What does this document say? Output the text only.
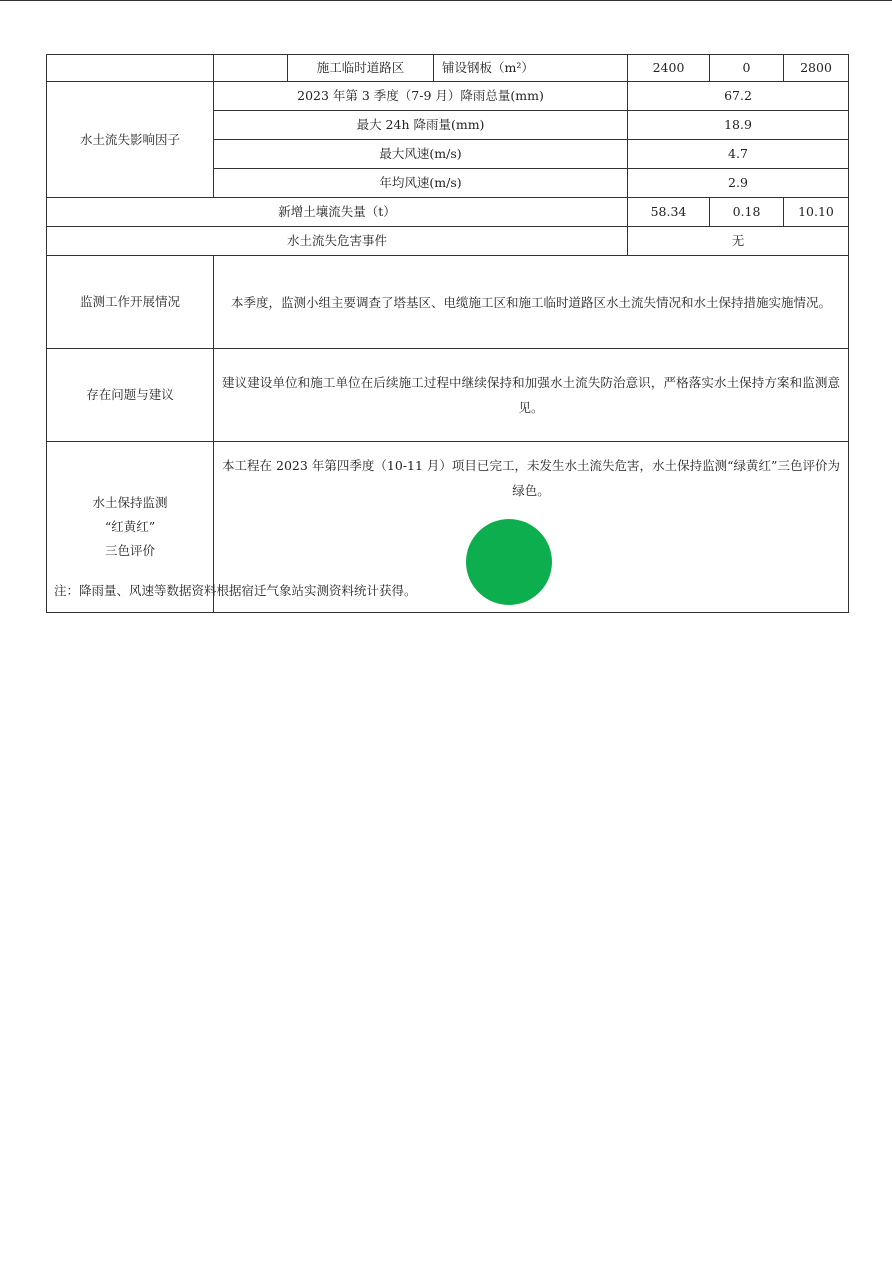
		施工临时道路区	铺设钢板（m²）	2400	0	2800
水土流失影响因子	2023 年第 3 季度（7-9 月）降雨总量(mm)			67.2		
	最大 24h 降雨量(mm)			18.9		
	最大风速(m/s)			4.7		
	年均风速(m/s)			2.9		
新增土壤流失量（t）				58.34	0.18	10.10
水土流失危害事件				无		
监测工作开展情况	本季度，监测小组主要调查了塔基区、电缆施工区和施工临时道路区水土流失情况和水土保持措施实施情况。					
存在问题与建议	建议建设单位和施工单位在后续施工过程中继续保持和加强水土流失防治意识，严格落实水土保持方案和监测意见。					

水土保持监测
“红黄红”
三色评价	本工程在 2023 年第四季度（10-11 月）项目已完工，未发生水土流失危害，水土保持监测“绿黄红”三色评价为绿色。					
注：降雨量、风速等数据资料根据宿迁气象站实测资料统计获得。
